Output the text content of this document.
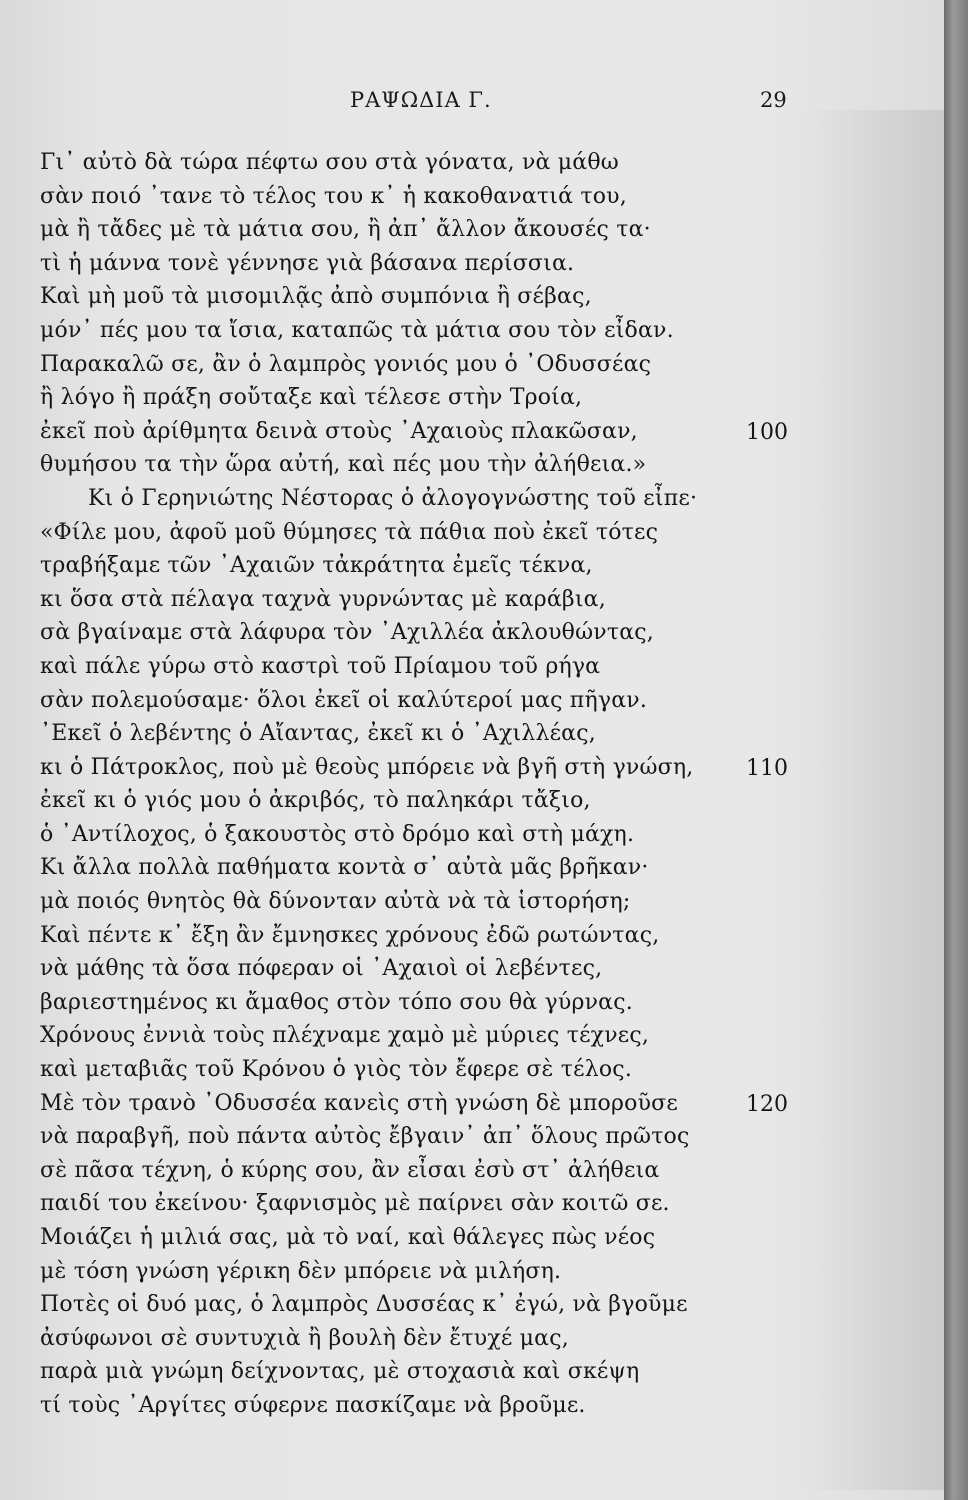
ΡΑΨΩΔΙΑ Γ.	29
Γι᾽ αὐτὸ δὰ τώρα πέφτω σου στὰ γόνατα, νὰ μάθω
σὰν ποιό ᾽τανε τὸ τέλος του κ᾽ ἡ κακοθανατιά του,
μὰ ἢ τἄδες μὲ τὰ μάτια σου, ἢ ἀπ᾽ ἄλλον ἄκουσές τα·
τὶ ἡ μάννα τονὲ γέννησε γιὰ βάσανα περίσσια.
Καὶ μὴ μοῦ τὰ μισομιλᾷς ἀπὸ συμπόνια ἢ σέβας,
μόν᾽ πές μου τα ἴσια, καταπῶς τὰ μάτια σου τὸν εἶδαν.
Παρακαλῶ σε, ἂν ὁ λαμπρὸς γονιός μου ὁ ᾽Οδυσσέας
ἢ λόγο ἢ πράξη σοὔταξε καὶ τέλεσε στὴν Τροία,
ἐκεῖ ποὺ ἀρίθμητα δεινὰ στοὺς ᾽Αχαιοὺς πλακῶσαν,
θυμήσου τα τὴν ὥρα αὐτή, καὶ πές μου τὴν ἀλήθεια.»
Κι ὁ Γερηνιώτης Νέστορας ὁ ἀλογογνώστης τοῦ εἶπε·
«Φίλε μου, ἀφοῦ μοῦ θύμησες τὰ πάθια ποὺ ἐκεῖ τότες
τραβήξαμε τῶν ᾽Αχαιῶν τἀκράτητα ἐμεῖς τέκνα,
κι ὅσα στὰ πέλαγα ταχνὰ γυρνώντας μὲ καράβια,
σὰ βγαίναμε στὰ λάφυρα τὸν ᾽Αχιλλέα ἀκλουθώντας,
καὶ πάλε γύρω στὸ καστρὶ τοῦ Πρίαμου τοῦ ρήγα
σὰν πολεμούσαμε· ὅλοι ἐκεῖ οἱ καλύτεροί μας πῆγαν.
᾽Εκεῖ ὁ λεβέντης ὁ Αἴαντας, ἐκεῖ κι ὁ ᾽Αχιλλέας,
κι ὁ Πάτροκλος, ποὺ μὲ θεοὺς μπόρειε νὰ βγῆ στὴ γνώση,
ἐκεῖ κι ὁ γιός μου ὁ ἀκριβός, τὸ παληκάρι τἄξιο,
ὁ ᾽Αντίλοχος, ὁ ξακουστὸς στὸ δρόμο καὶ στὴ μάχη.
Κι ἄλλα πολλὰ παθήματα κοντὰ σ᾽ αὐτὰ μᾶς βρῆκαν·
μὰ ποιός θνητὸς θὰ δύνονταν αὐτὰ νὰ τὰ ἱστορήση;
Καὶ πέντε κ᾽ ἔξη ἂν ἔμνησκες χρόνους ἐδῶ ρωτώντας,
νὰ μάθης τὰ ὅσα πόφεραν οἱ ᾽Αχαιοὶ οἱ λεβέντες,
βαριεστημένος κι ἄμαθος στὸν τόπο σου θὰ γύρνας.
Χρόνους ἐννιὰ τοὺς πλέχναμε χαμὸ μὲ μύριες τέχνες,
καὶ μεταβιᾶς τοῦ Κρόνου ὁ γιὸς τὸν ἔφερε σὲ τέλος.
Μὲ τὸν τρανὸ ᾽Οδυσσέα κανεὶς στὴ γνώση δὲ μποροῦσε
νὰ παραβγῆ, ποὺ πάντα αὐτὸς ἔβγαιν᾽ ἀπ᾽ ὅλους πρῶτος
σὲ πᾶσα τέχνη, ὁ κύρης σου, ἂν εἶσαι ἐσὺ στ᾽ ἀλήθεια
παιδί του ἐκείνου· ξαφνισμὸς μὲ παίρνει σὰν κοιτῶ σε.
Μοιάζει ἡ μιλιά σας, μὰ τὸ ναί, καὶ θάλεγες πὼς νέος
μὲ τόση γνώση γέρικη δὲν μπόρειε νὰ μιλήση.
Ποτὲς οἱ δυό μας, ὁ λαμπρὸς Δυσσέας κ᾽ ἐγώ, νὰ βγοῦμε
ἀσύφωνοι σὲ συντυχιὰ ἢ βουλὴ δὲν ἔτυχέ μας,
παρὰ μιὰ γνώμη δείχνοντας, μὲ στοχασιὰ καὶ σκέψη
τί τοὺς ᾽Αργίτες σύφερνε πασκίζαμε νὰ βροῦμε.
100
110
120
